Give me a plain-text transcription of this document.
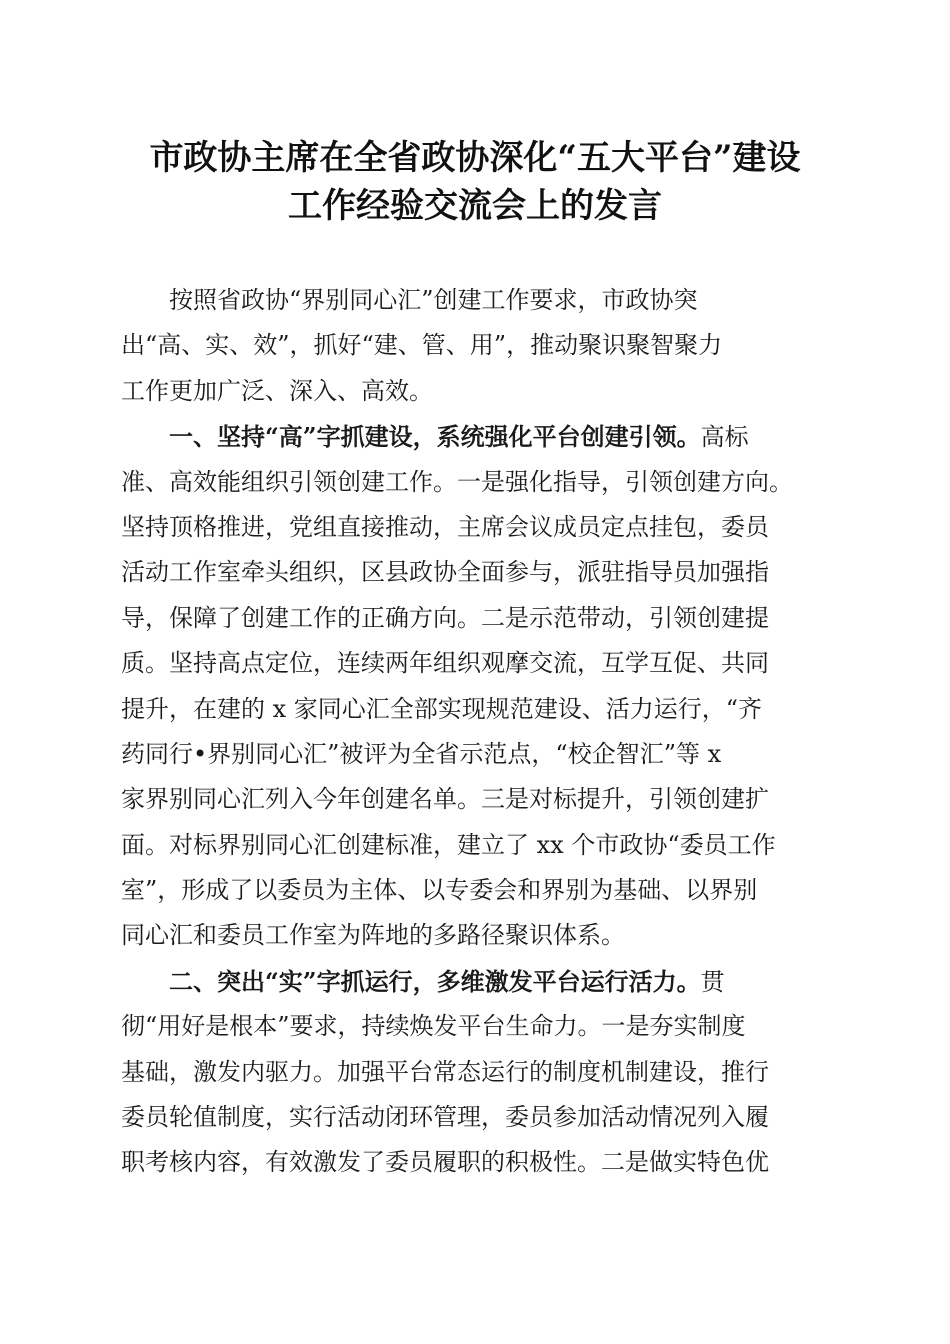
市政协主席在全省政协深化“五大平台”建设
工作经验交流会上的发言
　　按照省政协“界别同心汇”创建工作要求，市政协突
出“高、实、效”，抓好“建、管、用”，推动聚识聚智聚力
工作更加广泛、深入、高效。
　　一、坚持“高”字抓建设，系统强化平台创建引领。高标
准、高效能组织引领创建工作。一是强化指导，引领创建方向。
坚持顶格推进，党组直接推动，主席会议成员定点挂包，委员
活动工作室牵头组织，区县政协全面参与，派驻指导员加强指
导，保障了创建工作的正确方向。二是示范带动，引领创建提
质。坚持高点定位，连续两年组织观摩交流，互学互促、共同
提升，在建的 x 家同心汇全部实现规范建设、活力运行，“齐
药同行•界别同心汇”被评为全省示范点，“校企智汇”等 x
家界别同心汇列入今年创建名单。三是对标提升，引领创建扩
面。对标界别同心汇创建标准，建立了 xx 个市政协“委员工作
室”，形成了以委员为主体、以专委会和界别为基础、以界别
同心汇和委员工作室为阵地的多路径聚识体系。
　　二、突出“实”字抓运行，多维激发平台运行活力。贯
彻“用好是根本”要求，持续焕发平台生命力。一是夯实制度
基础，激发内驱力。加强平台常态运行的制度机制建设，推行
委员轮值制度，实行活动闭环管理，委员参加活动情况列入履
职考核内容，有效激发了委员履职的积极性。二是做实特色优
